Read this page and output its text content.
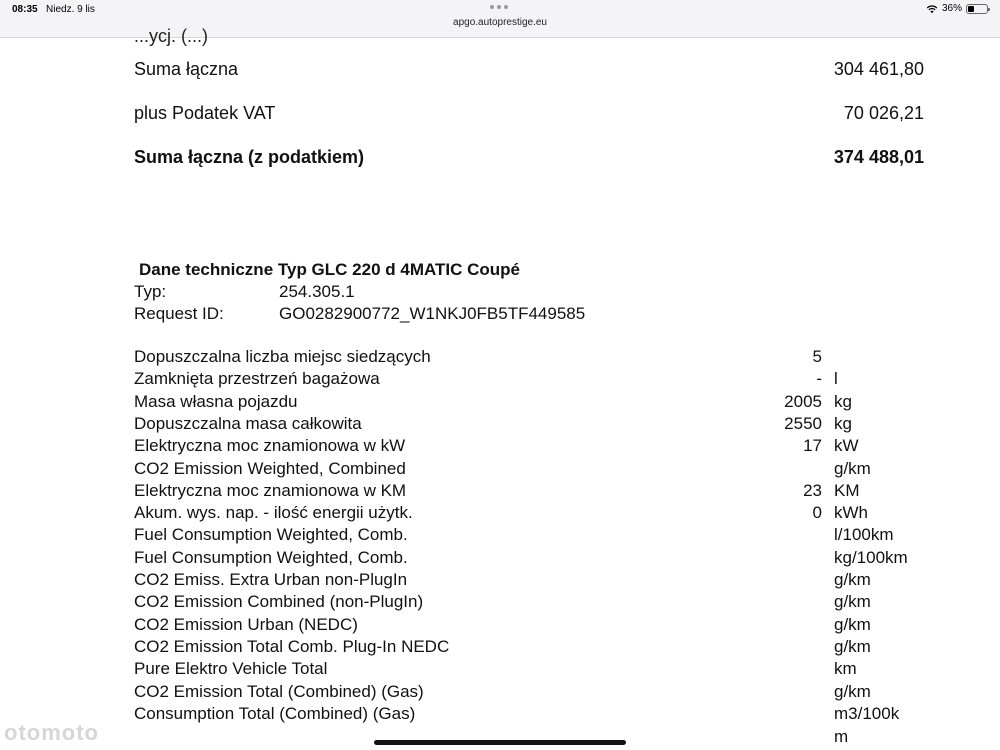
08:35 Niedz. 9 lis
apgo.autoprestige.eu
36%
...ycj. (...)
Suma łączna	304 461,80
plus Podatek VAT	70 026,21
Suma łączna (z podatkiem)	374 488,01
Dane techniczne Typ GLC 220 d 4MATIC Coupé
Typ:	254.305.1
Request ID:	GO0282900772_W1NKJ0FB5TF449585
Dopuszczalna liczba miejsc siedzących	5
Zamknięta przestrzeń bagażowa	- l
Masa własna pojazdu	2005 kg
Dopuszczalna masa całkowita	2550 kg
Elektryczna moc znamionowa w kW	17 kW
CO2 Emission Weighted, Combined	g/km
Elektryczna moc znamionowa w KM	23 KM
Akum. wys. nap. - ilość energii użytk.	0 kWh
Fuel Consumption Weighted, Comb.	l/100km
Fuel Consumption Weighted, Comb.	kg/100km
CO2 Emiss. Extra Urban non-PlugIn	g/km
CO2 Emission Combined (non-PlugIn)	g/km
CO2 Emission Urban (NEDC)	g/km
CO2 Emission Total Comb. Plug-In NEDC	g/km
Pure Elektro Vehicle Total	km
CO2 Emission Total (Combined) (Gas)	g/km
Consumption Total (Combined) (Gas)	m3/100k
m
otomoto
